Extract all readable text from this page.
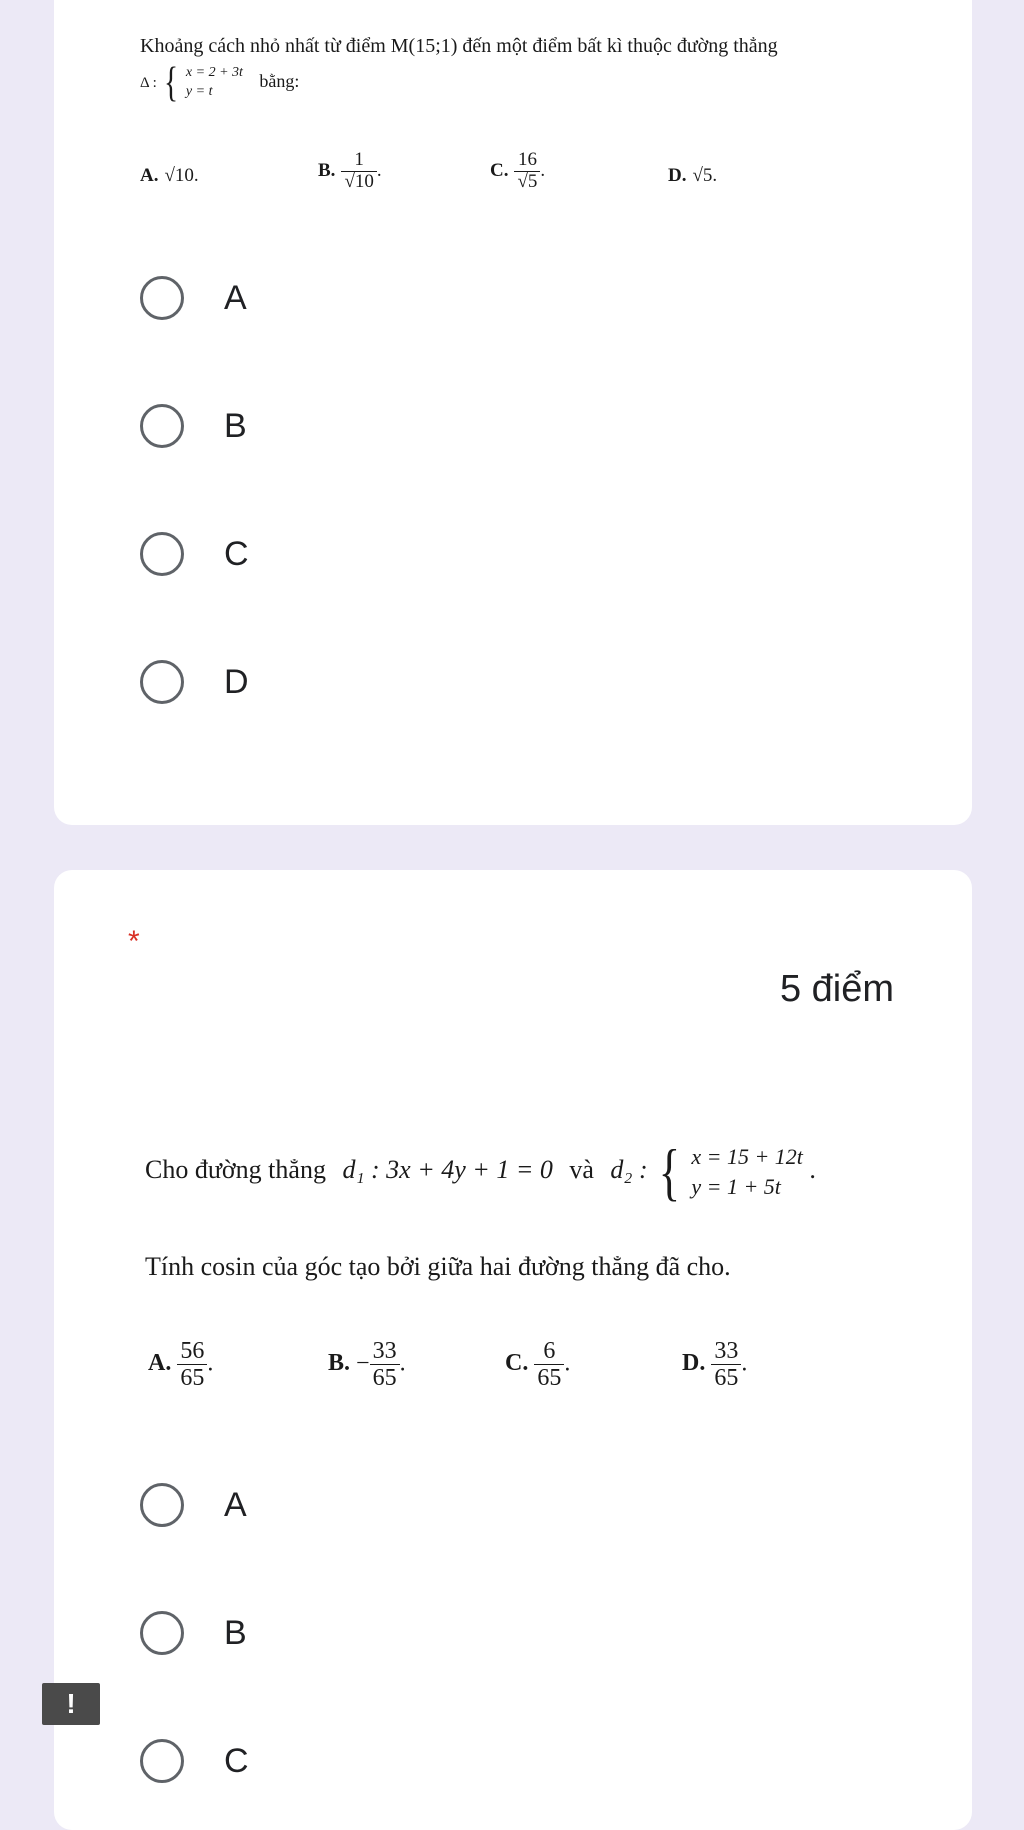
Khoảng cách nhỏ nhất từ điểm M(15;1) đến một điểm bất kì thuộc đường thẳng
Δ : { x = 2 + 3t
y = t bằng:
A. √10.	B. $\frac{1}{√10}$ .	C. $\frac{16}{√5}$ .	D. √5.
A
B
C
D
*
5 điểm
Cho đường thẳng d₁ : 3x + 4y + 1 = 0 và d₂ : { x = 15 + 12t
y = 1 + 5t .
Tính cosin của góc tạo bởi giữa hai đường thẳng đã cho.
A. $\frac{56}{65}$ .	B. − $\frac{33}{65}$ .	C. $\frac{6}{65}$ .	D. $\frac{33}{65}$ .
A
B
C
!
